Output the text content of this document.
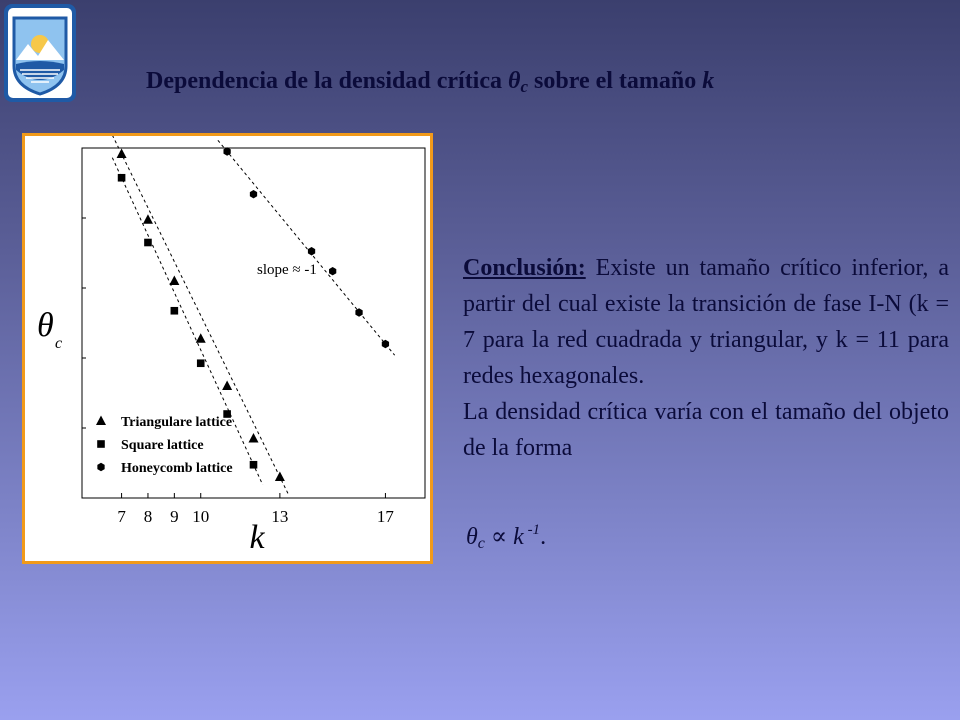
Dependencia de la densidad crítica $\theta_c$ sobre el tamaño k
7 8 9 10	13	17
k
θ c
slope ≈ -1
Triangulare lattice
Square lattice
Honeycomb lattice

Conclusión: Existe un tamaño crítico inferior, a partir del cual existe la transición de fase I-N (k = 7 para la red cuadrada y triangular, y k = 11 para redes hexagonales.

La densidad crítica varía con el tamaño del objeto de la forma

$\theta_c \propto k$ $^{-1}$.
